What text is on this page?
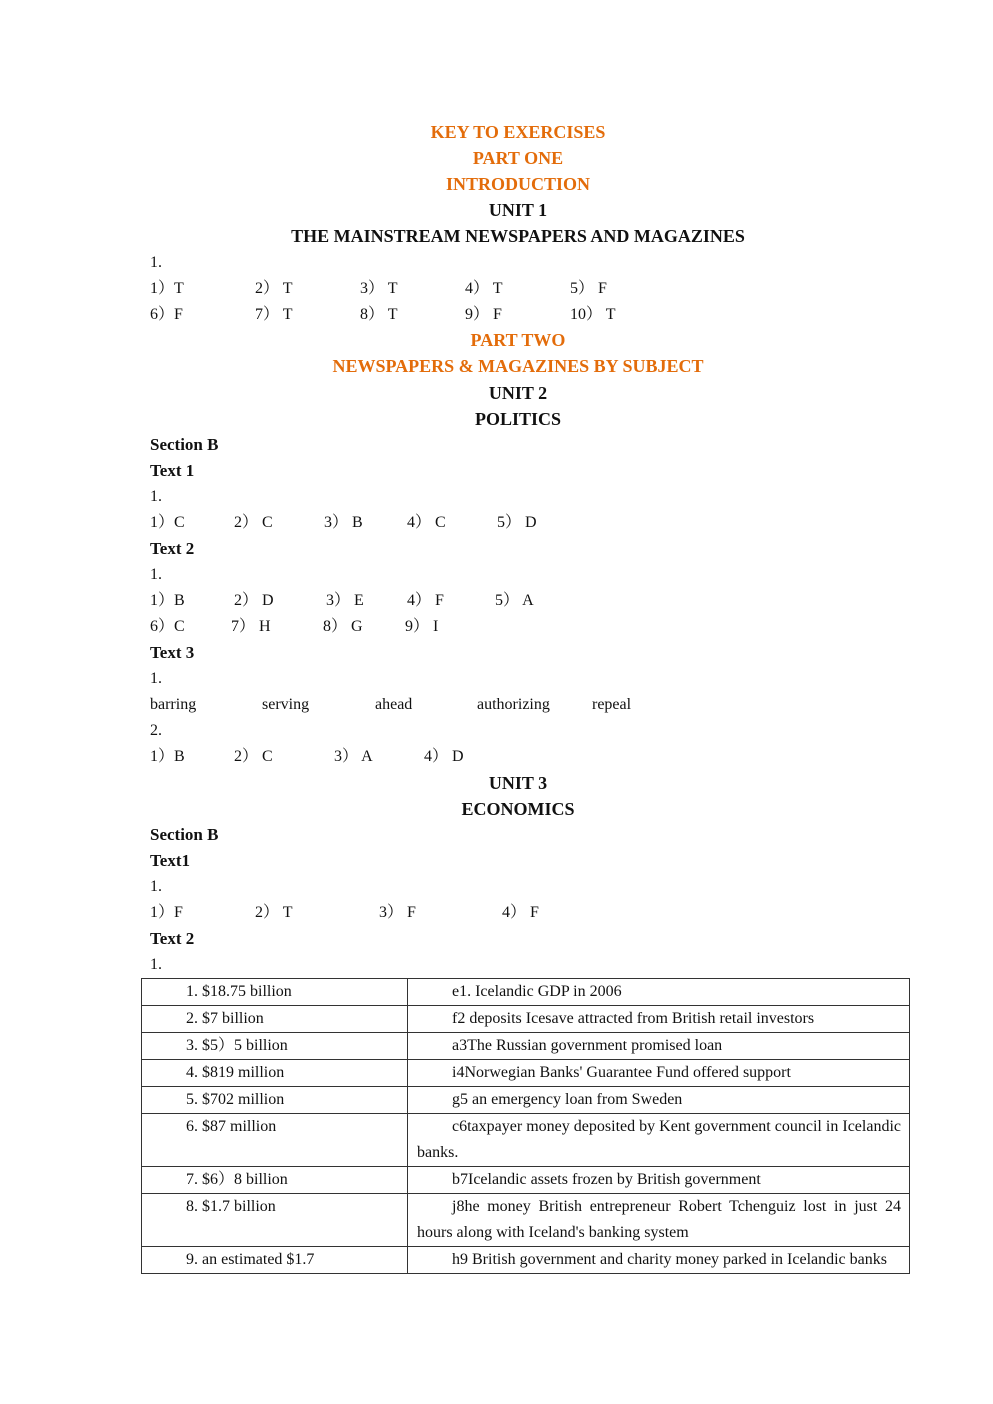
KEY TO EXERCISES
PART ONE
INTRODUCTION
UNIT 1
THE MAINSTREAM NEWSPAPERS AND MAGAZINES
1.
1）T	2） T	3） T	4） T	5） F
6）F	7） T	8） T	9） F	10） T
PART TWO
NEWSPAPERS & MAGAZINES BY SUBJECT
UNIT 2
POLITICS
Section B
Text 1
1.
1）C	2） C	3） B	4） C	5） D
Text 2
1.
1）B	2） D	3） E	4） F	5） A
6）C	7） H	8） G	9） I
Text 3
1.
barring	serving	ahead	authorizing	repeal
2.
1）B	2） C	3） A	4） D
UNIT 3
ECONOMICS
Section B
Text1
1.
1）F	2） T	3） F	4） F
Text 2
1.
1. $18.75 billion	e1. Icelandic GDP in 2006
2. $7 billion	f2 deposits Icesave attracted from British retail investors
3. $5）5 billion	a3The Russian government promised loan
4. $819 million	i4Norwegian Banks' Guarantee Fund offered support
5. $702 million	g5 an emergency loan from Sweden
6. $87 million	c6taxpayer money deposited by Kent government council in Icelandic banks.
7. $6）8 billion	b7Icelandic assets frozen by British government
8. $1.7 billion	j8he money British entrepreneur Robert Tchenguiz lost in just 24 hours along with Iceland's banking system
9. an estimated $1.7	h9 British government and charity money parked in Icelandic banks
